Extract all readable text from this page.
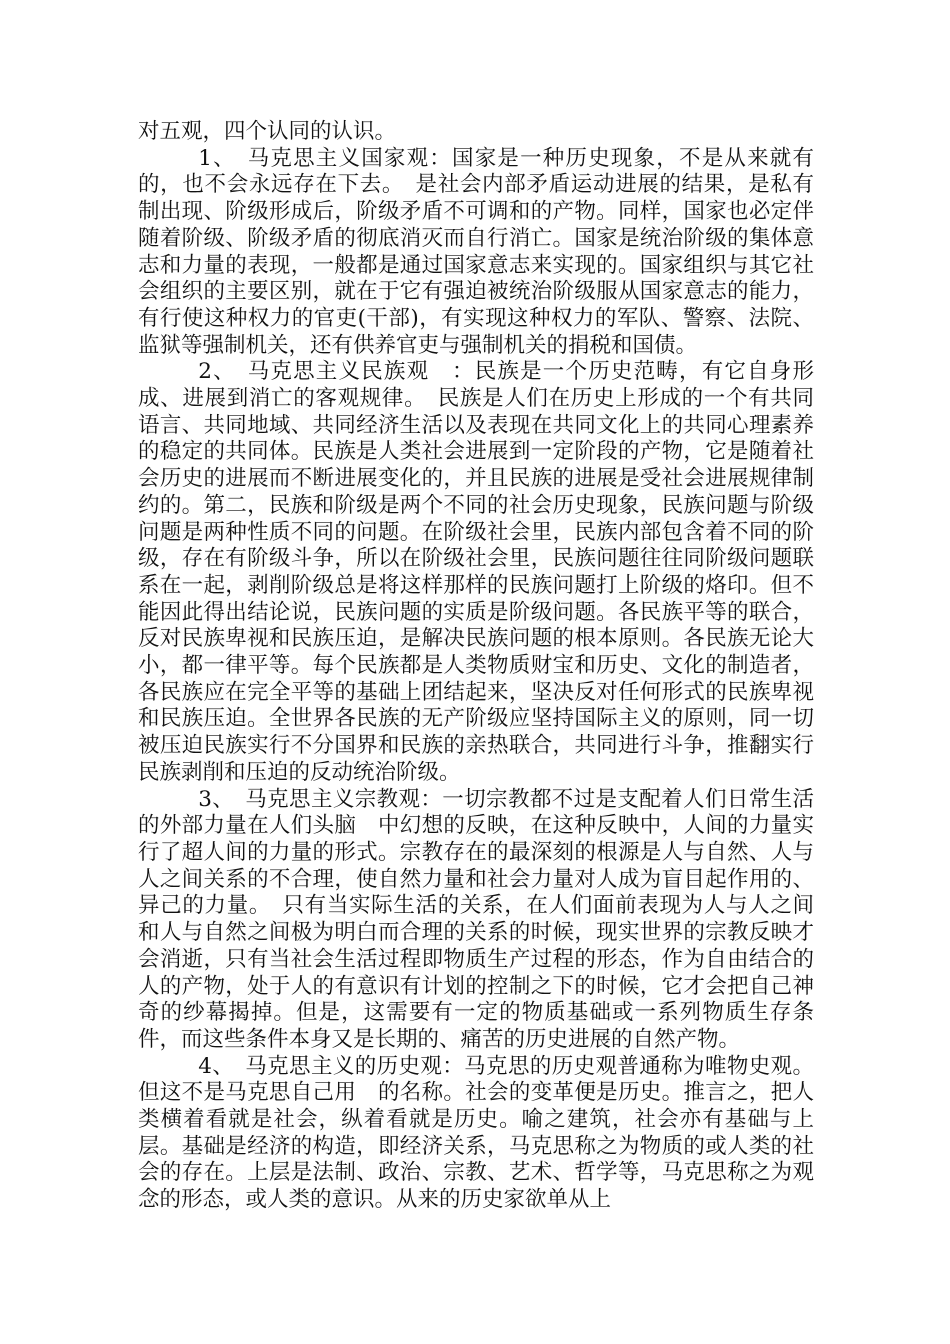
对五观，四个认同的认识。

1、　马克思主义国家观：国家是一种历史现象，不是从来就有的，也不会永远存在下去。　是社会内部矛盾运动进展的结果，是私有制出现、阶级形成后，阶级矛盾不可调和的产物。同样，国家也必定伴随着阶级、阶级矛盾的彻底消灭而自行消亡。国家是统治阶级的集体意志和力量的表现，一般都是通过国家意志来实现的。国家组织与其它社会组织的主要区别，就在于它有强迫被统治阶级服从国家意志的能力，有行使这种权力的官吏(干部)，有实现这种权力的军队、警察、法院、监狱等强制机关，还有供养官吏与强制机关的捐税和国债。

2、　马克思主义民族观　：民族是一个历史范畴，有它自身形成、进展到消亡的客观规律。　民族是人们在历史上形成的一个有共同语言、共同地域、共同经济生活以及表现在共同文化上的共同心理素养的稳定的共同体。民族是人类社会进展到一定阶段的产物，它是随着社会历史的进展而不断进展变化的，并且民族的进展是受社会进展规律制约的。第二，民族和阶级是两个不同的社会历史现象，民族问题与阶级问题是两种性质不同的问题。在阶级社会里，民族内部包含着不同的阶级，存在有阶级斗争，所以在阶级社会里，民族问题往往同阶级问题联系在一起，剥削阶级总是将这样那样的民族问题打上阶级的烙印。但不能因此得出结论说，民族问题的实质是阶级问题。各民族平等的联合，反对民族卑视和民族压迫，是解决民族问题的根本原则。各民族无论大小，都一律平等。每个民族都是人类物质财宝和历史、文化的制造者，各民族应在完全平等的基础上团结起来，坚决反对任何形式的民族卑视和民族压迫。全世界各民族的无产阶级应坚持国际主义的原则，同一切被压迫民族实行不分国界和民族的亲热联合，共同进行斗争，推翻实行民族剥削和压迫的反动统治阶级。

3、　马克思主义宗教观：一切宗教都不过是支配着人们日常生活的外部力量在人们头脑　中幻想的反映，在这种反映中，人间的力量实行了超人间的力量的形式。宗教存在的最深刻的根源是人与自然、人与人之间关系的不合理，使自然力量和社会力量对人成为盲目起作用的、异己的力量。　只有当实际生活的关系，在人们面前表现为人与人之间和人与自然之间极为明白而合理的关系的时候，现实世界的宗教反映才会消逝，只有当社会生活过程即物质生产过程的形态，作为自由结合的人的产物，处于人的有意识有计划的控制之下的时候，它才会把自己神奇的纱幕揭掉。但是，这需要有一定的物质基础或一系列物质生存条件，而这些条件本身又是长期的、痛苦的历史进展的自然产物。

4、　马克思主义的历史观：马克思的历史观普通称为唯物史观。但这不是马克思自己用　的名称。社会的变革便是历史。推言之，把人类横着看就是社会，纵着看就是历史。喻之建筑，社会亦有基础与上层。基础是经济的构造，即经济关系，马克思称之为物质的或人类的社会的存在。上层是法制、政治、宗教、艺术、哲学等，马克思称之为观念的形态，或人类的意识。从来的历史家欲单从上
